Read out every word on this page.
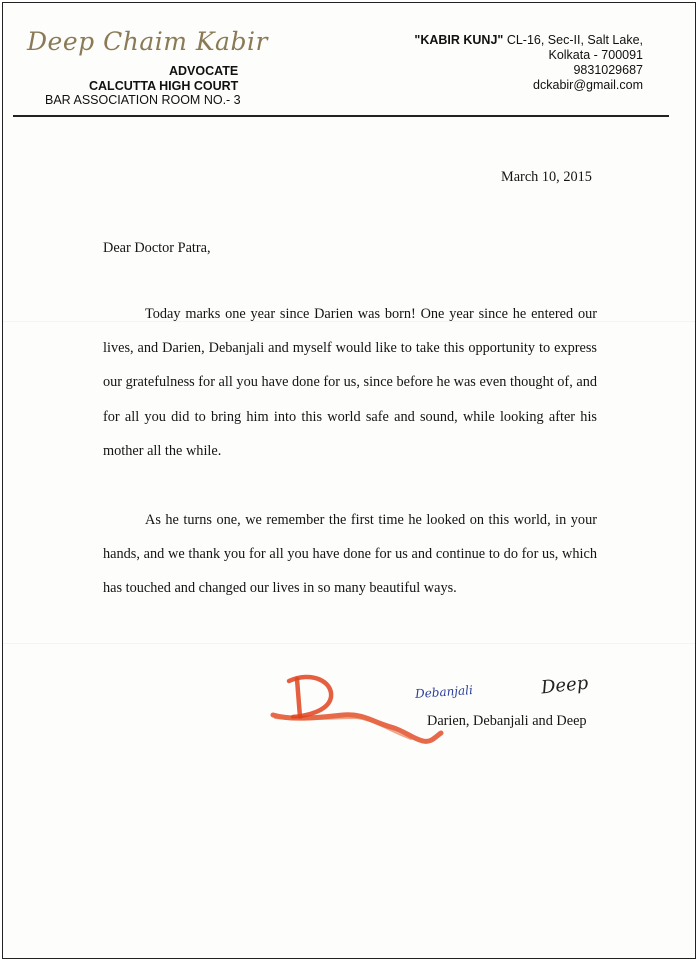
Deep Chaim Kabir
ADVOCATE
CALCUTTA HIGH COURT
BAR ASSOCIATION ROOM NO.- 3
"KABIR KUNJ" CL-16, Sec-II, Salt Lake,
Kolkata - 700091
9831029687
dckabir@gmail.com
March 10, 2015
Dear Doctor Patra,
Today marks one year since Darien was born! One year since he entered our lives, and Darien, Debanjali and myself would like to take this opportunity to express our gratefulness for all you have done for us, since before he was even thought of, and for all you did to bring him into this world safe and sound, while looking after his mother all the while.
As he turns one, we remember the first time he looked on this world, in your hands, and we thank you for all you have done for us and continue to do for us, which has touched and changed our lives in so many beautiful ways.
Debanjali	Deep
Darien, Debanjali and Deep
